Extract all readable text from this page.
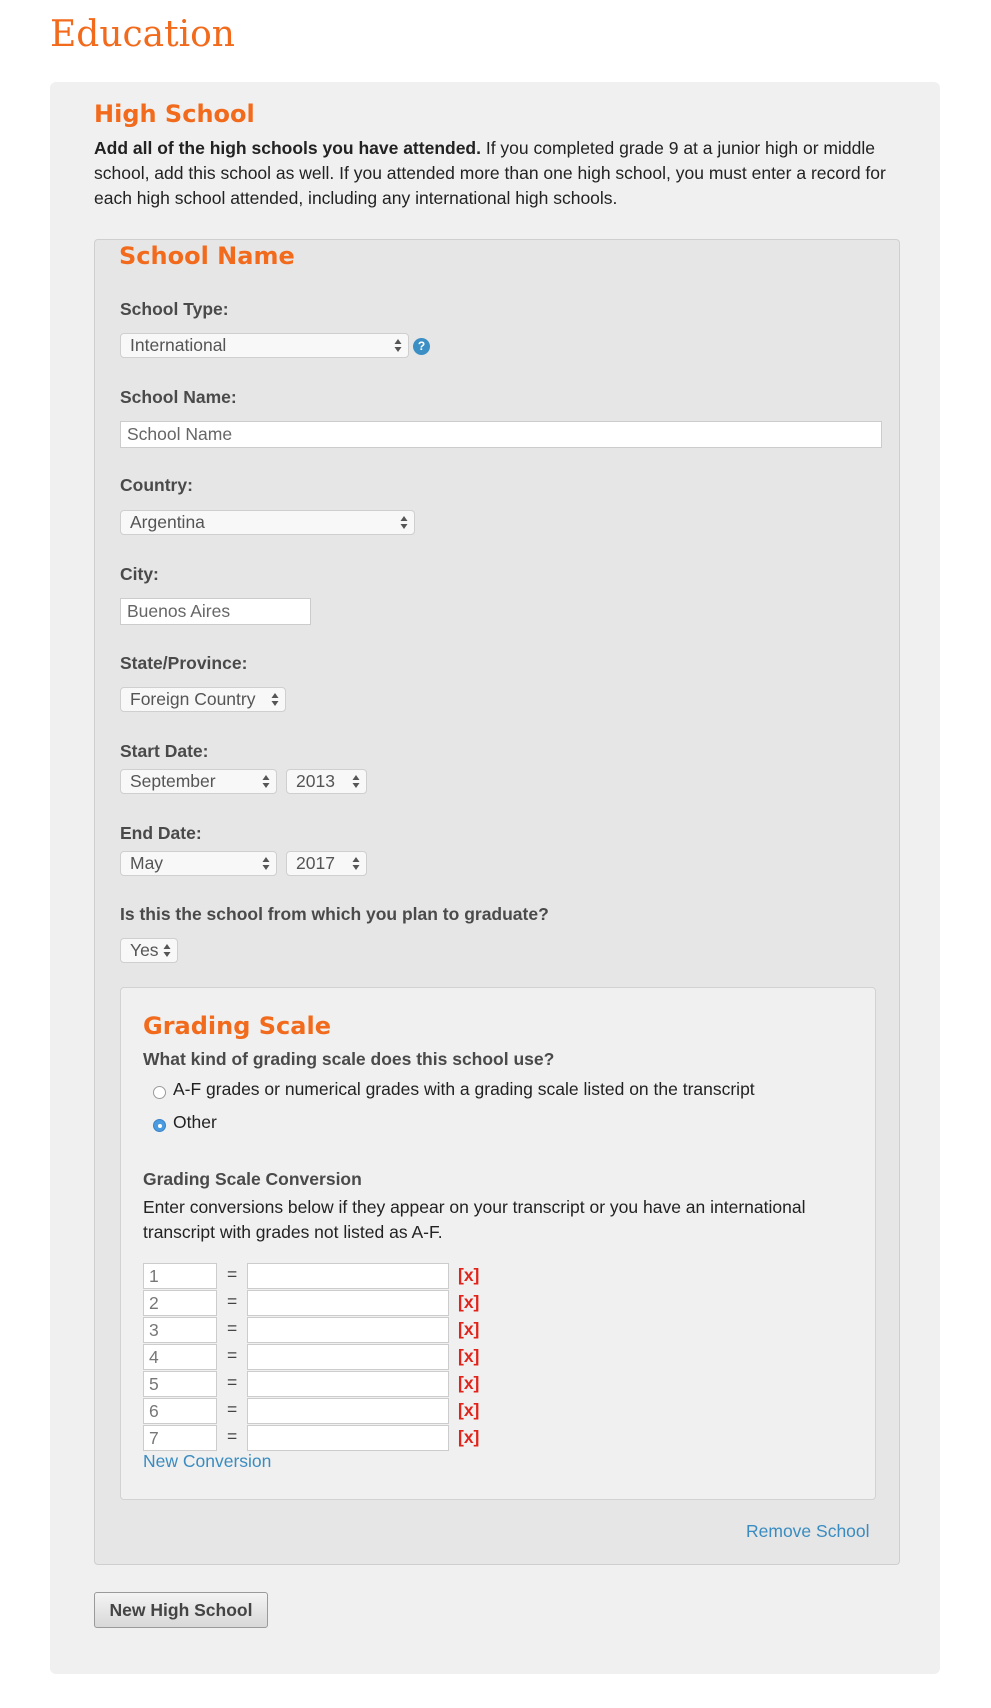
Education
High School

Add all of the high schools you have attended. If you completed grade 9 at a junior high or middle school, add this school as well. If you attended more than one high school, you must enter a record for each high school attended, including any international high schools.

School Name
School Type:
International	?
School Name:
School Name
Country:
Argentina
City:
Buenos Aires
State/Province:
Foreign Country
Start Date:
September	2013
End Date:
May	2017
Is this the school from which you plan to graduate?
Yes
Grading Scale
What kind of grading scale does this school use?
A-F grades or numerical grades with a grading scale listed on the transcript
Other
Grading Scale Conversion
Enter conversions below if they appear on your transcript or you have an international
transcript with grades not listed as A-F.
1	=	[x]
2	=	[x]
3	=	[x]
4	=	[x]
5	=	[x]
6	=	[x]
7	=	[x]
New Conversion
Remove School
New High School
